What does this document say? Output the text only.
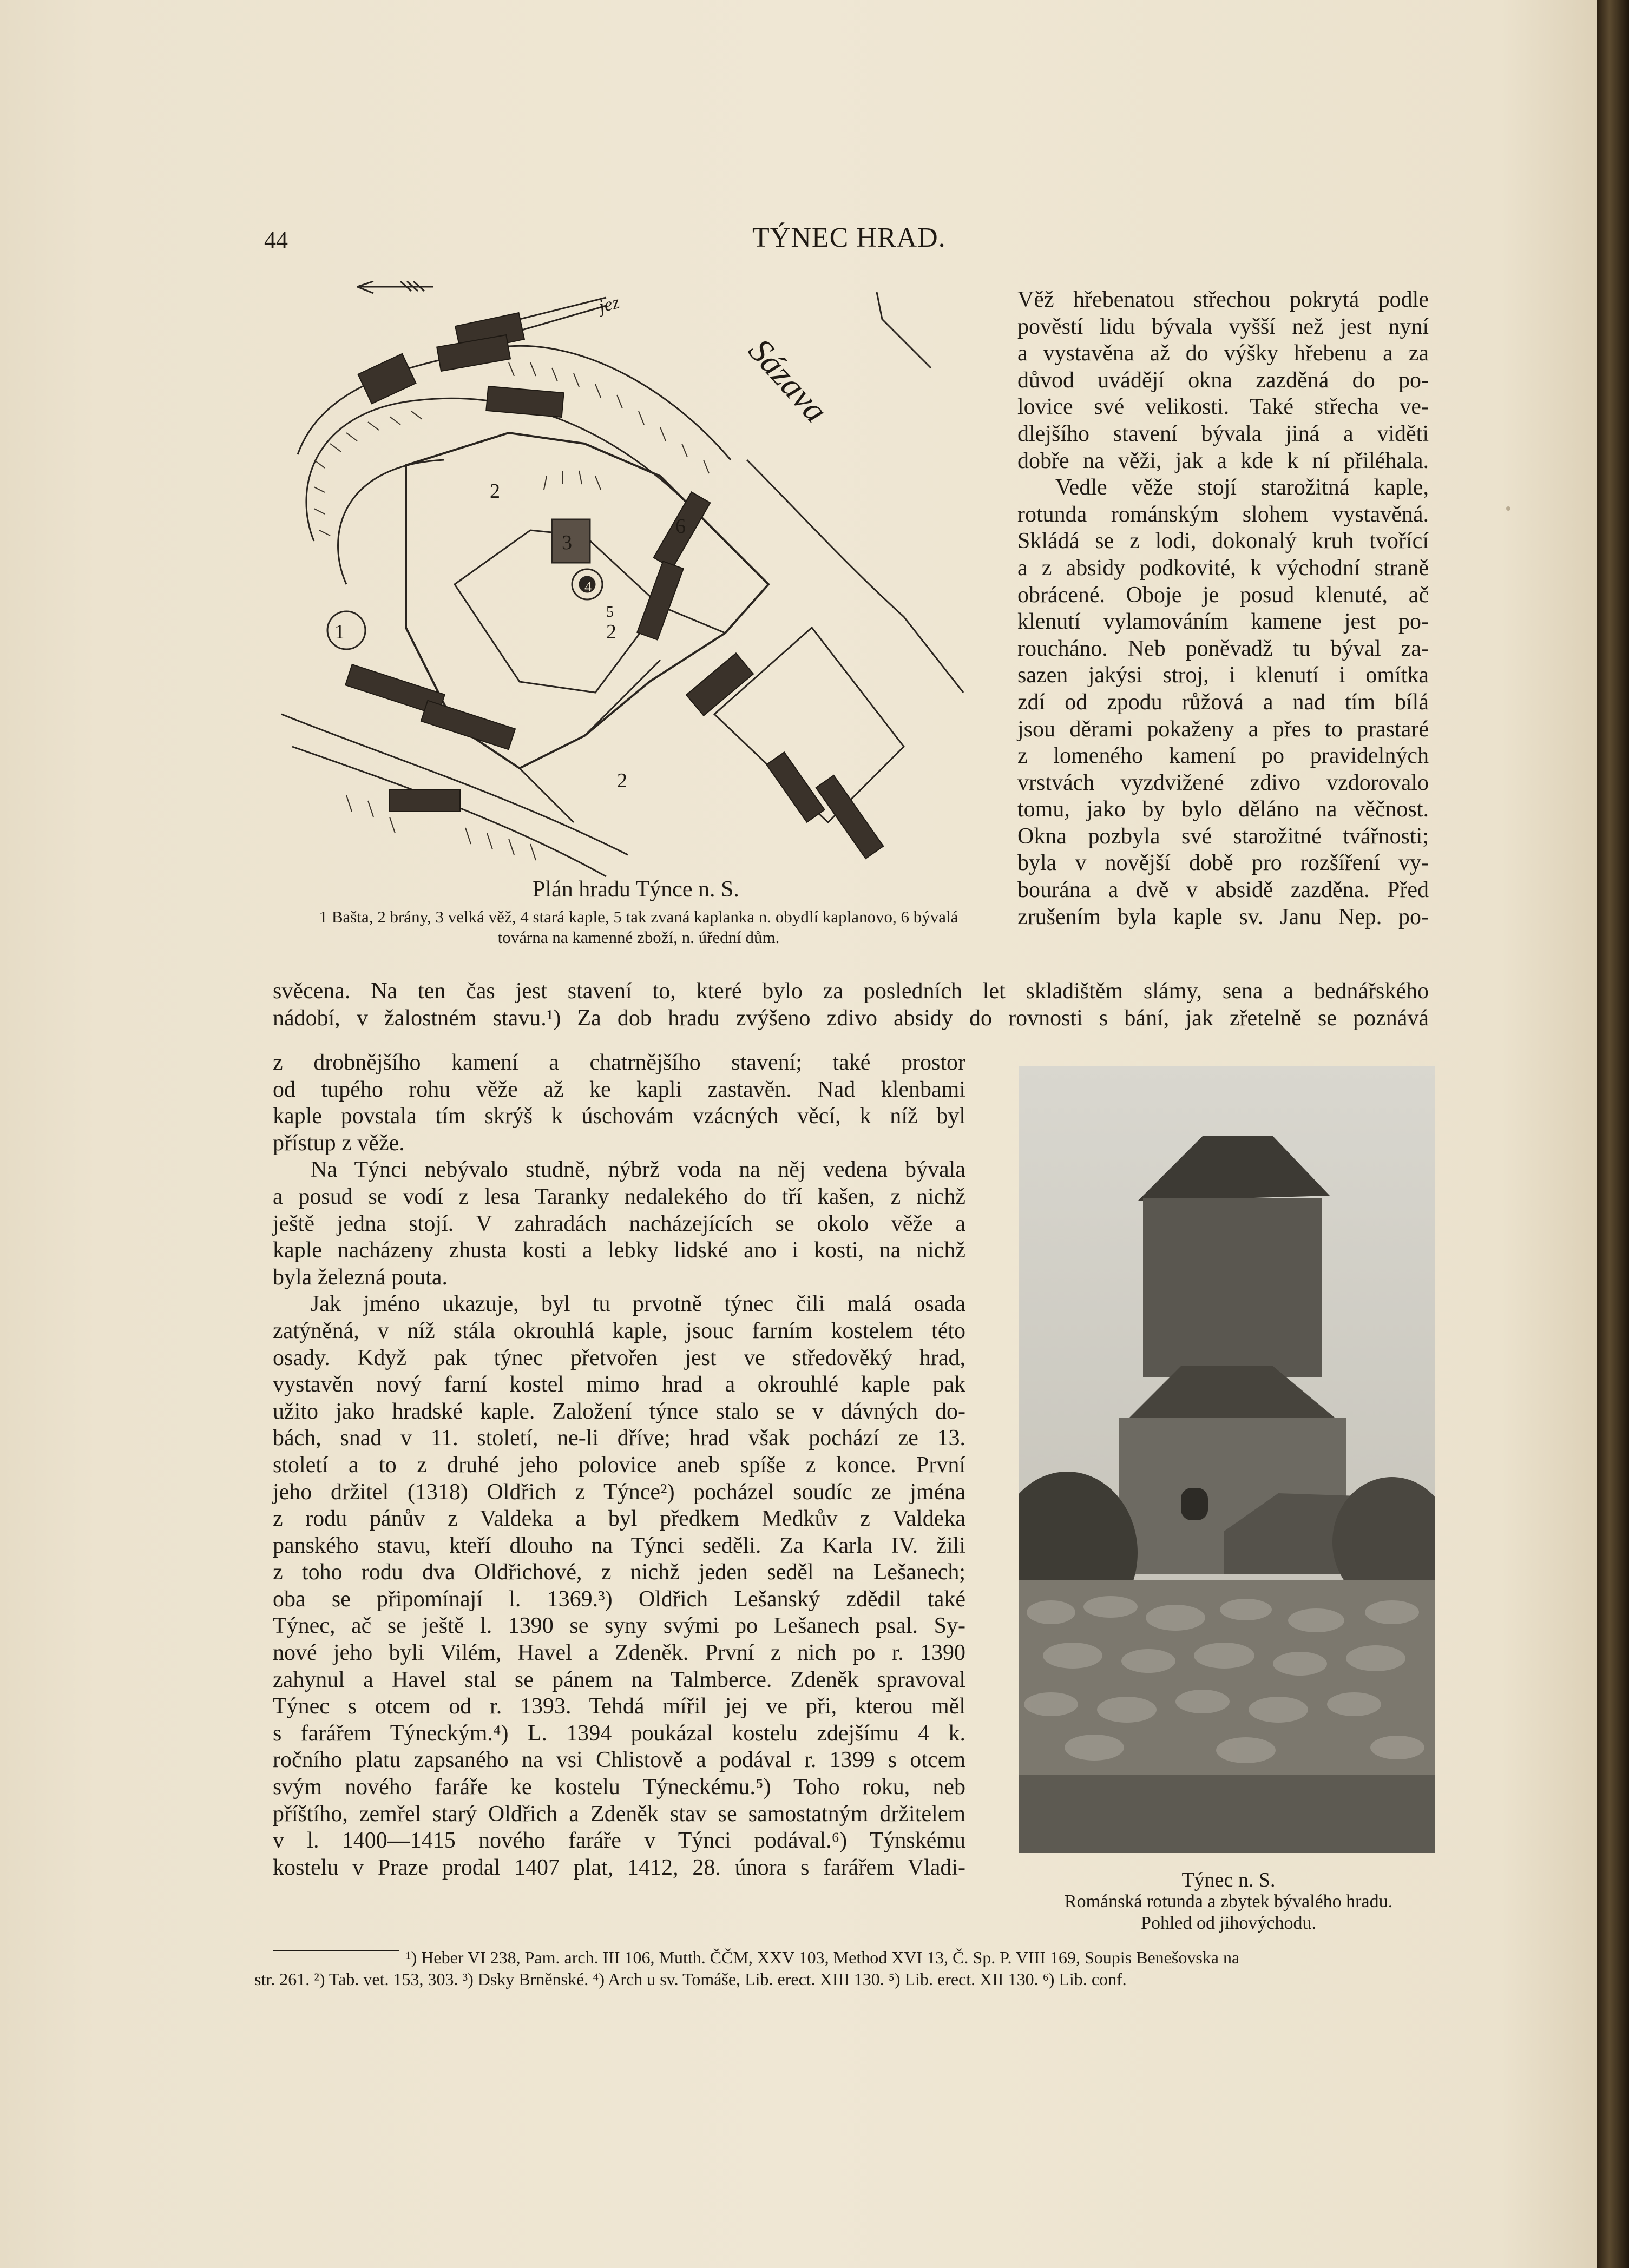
44	TÝNEC HRAD.
jez
Sázava
1
2
2
2
3
4
5
6
Plán hradu Týnce n. S.
1 Bašta, 2 brány, 3 velká věž, 4 stará kaple, 5 tak zvaná kaplanka n. obydlí kaplanovo, 6 bývalá továrna na kamenné zboží, n. úřední dům.
Věž hřebenatou střechou pokrytá podle
pověstí lidu bývala vyšší než jest nyní
a vystavěna až do výšky hřebenu a za
důvod uvádějí okna zazděná do po-
lovice své velikosti. Také střecha ve-
dlejšího stavení bývala jiná a viděti
dobře na věži, jak a kde k ní přiléhala.
Vedle věže stojí starožitná kaple,
rotunda románským slohem vystavěná.
Skládá se z lodi, dokonalý kruh tvořící
a z absidy podkovité, k východní straně
obrácené. Oboje je posud klenuté, ač
klenutí vylamováním kamene jest po-
roucháno. Neb poněvadž tu býval za-
sazen jakýsi stroj, i klenutí i omítka
zdí od zpodu růžová a nad tím bílá
jsou děrami pokaženy a přes to prastaré
z lomeného kamení po pravidelných
vrstvách vyzdvižené zdivo vzdorovalo
tomu, jako by bylo děláno na věčnost.
Okna pozbyla své starožitné tvářnosti;
byla v novější době pro rozšíření vy-
bourána a dvě v absidě zazděna. Před
zrušením byla kaple sv. Janu Nep. po-
svěcena. Na ten čas jest stavení to, které bylo za posledních let skladištěm slámy, sena a bednářského
nádobí, v žalostném stavu.¹) Za dob hradu zvýšeno zdivo absidy do rovnosti s bání, jak zřetelně se poznává
z drobnějšího kamení a chatrnějšího stavení; také prostor
od tupého rohu věže až ke kapli zastavěn. Nad klenbami
kaple povstala tím skrýš k úschovám vzácných věcí, k níž byl
přístup z věže.
Na Týnci nebývalo studně, nýbrž voda na něj vedena bývala
a posud se vodí z lesa Taranky nedalekého do tří kašen, z nichž
ještě jedna stojí. V zahradách nacházejících se okolo věže a
kaple nacházeny zhusta kosti a lebky lidské ano i kosti, na nichž
byla železná pouta.
Jak jméno ukazuje, byl tu prvotně týnec čili malá osada
zatýněná, v níž stála okrouhlá kaple, jsouc farním kostelem této
osady. Když pak týnec přetvořen jest ve středověký hrad,
vystavěn nový farní kostel mimo hrad a okrouhlé kaple pak
užito jako hradské kaple. Založení týnce stalo se v dávných do-
bách, snad v 11. století, ne-li dříve; hrad však pochází ze 13.
století a to z druhé jeho polovice aneb spíše z konce. První
jeho držitel (1318) Oldřich z Týnce²) pocházel soudíc ze jména
z rodu pánův z Valdeka a byl předkem Medkův z Valdeka
panského stavu, kteří dlouho na Týnci seděli. Za Karla IV. žili
z toho rodu dva Oldřichové, z nichž jeden seděl na Lešanech;
oba se připomínají l. 1369.³) Oldřich Lešanský zdědil také
Týnec, ač se ještě l. 1390 se syny svými po Lešanech psal. Sy-
nové jeho byli Vilém, Havel a Zdeněk. První z nich po r. 1390
zahynul a Havel stal se pánem na Talmberce. Zdeněk spravoval
Týnec s otcem od r. 1393. Tehdá mířil jej ve při, kterou měl
s farářem Týneckým.⁴) L. 1394 poukázal kostelu zdejšímu 4 k.
ročního platu zapsaného na vsi Chlistově a podával r. 1399 s otcem
svým nového faráře ke kostelu Týneckému.⁵) Toho roku, neb
příštího, zemřel starý Oldřich a Zdeněk stav se samostatným držitelem
v l. 1400—1415 nového faráře v Týnci podával.⁶) Týnskému
kostelu v Praze prodal 1407 plat, 1412, 28. února s farářem Vladi-
Týnec n. S.
Románská rotunda a zbytek bývalého hradu.
Pohled od jihovýchodu.
¹) Heber VI 238, Pam. arch. III 106, Mutth. ČČM, XXV 103, Method XVI 13, Č. Sp. P. VIII 169, Soupis Benešovska na
str. 261. ²) Tab. vet. 153, 303. ³) Dsky Brněnské. ⁴) Arch u sv. Tomáše, Lib. erect. XIII 130. ⁵) Lib. erect. XII 130. ⁶) Lib. conf.
